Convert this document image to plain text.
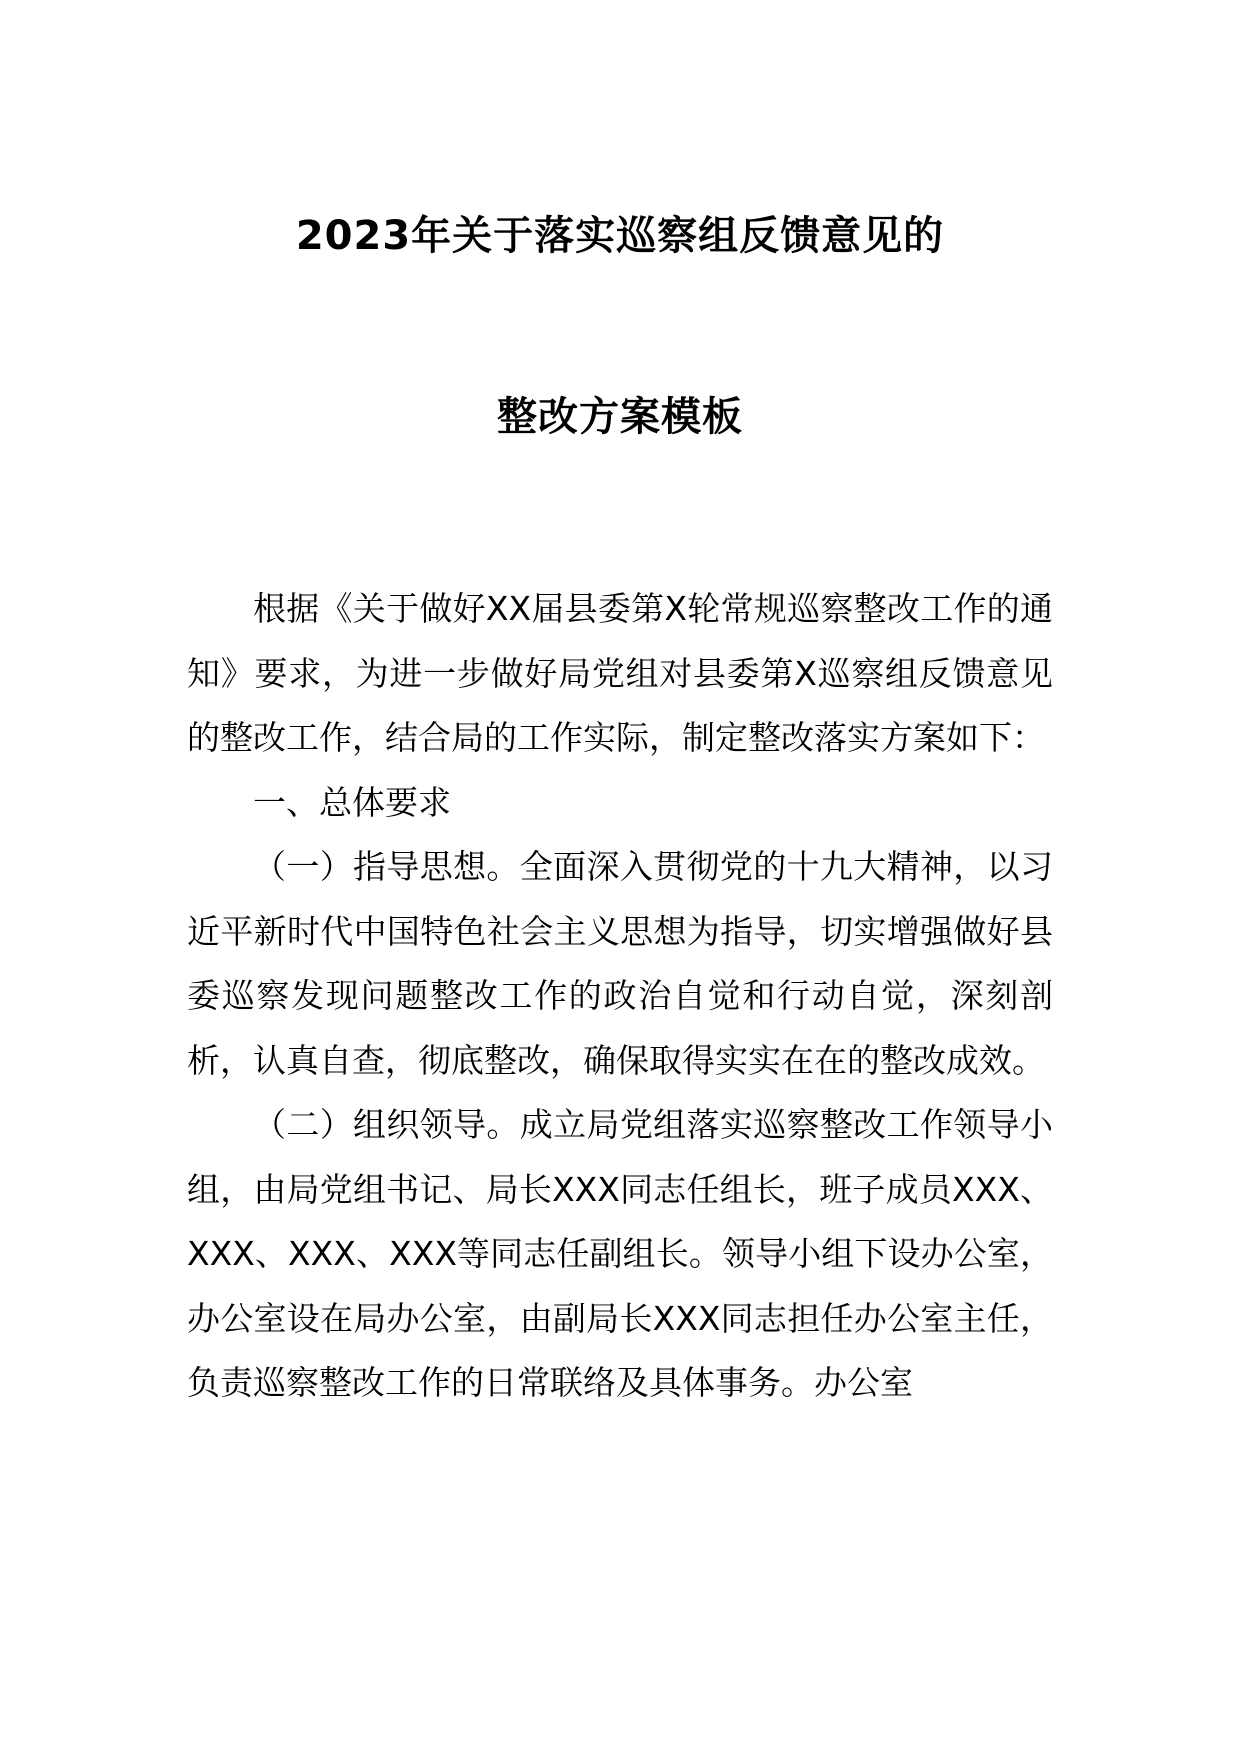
2023年关于落实巡察组反馈意见的
整改方案模板

根据《关于做好XX届县委第X轮常规巡察整改工作的通知》要求，为进一步做好局党组对县委第X巡察组反馈意见的整改工作，结合局的工作实际，制定整改落实方案如下：

一、总体要求

（一）指导思想。全面深入贯彻党的十九大精神，以习近平新时代中国特色社会主义思想为指导，切实增强做好县委巡察发现问题整改工作的政治自觉和行动自觉，深刻剖析，认真自查，彻底整改，确保取得实实在在的整改成效。

（二）组织领导。成立局党组落实巡察整改工作领导小组，由局党组书记、局长XXX同志任组长，班子成员XXX、XXX、XXX、XXX等同志任副组长。领导小组下设办公室，办公室设在局办公室，由副局长XXX同志担任办公室主任，负责巡察整改工作的日常联络及具体事务。办公室
